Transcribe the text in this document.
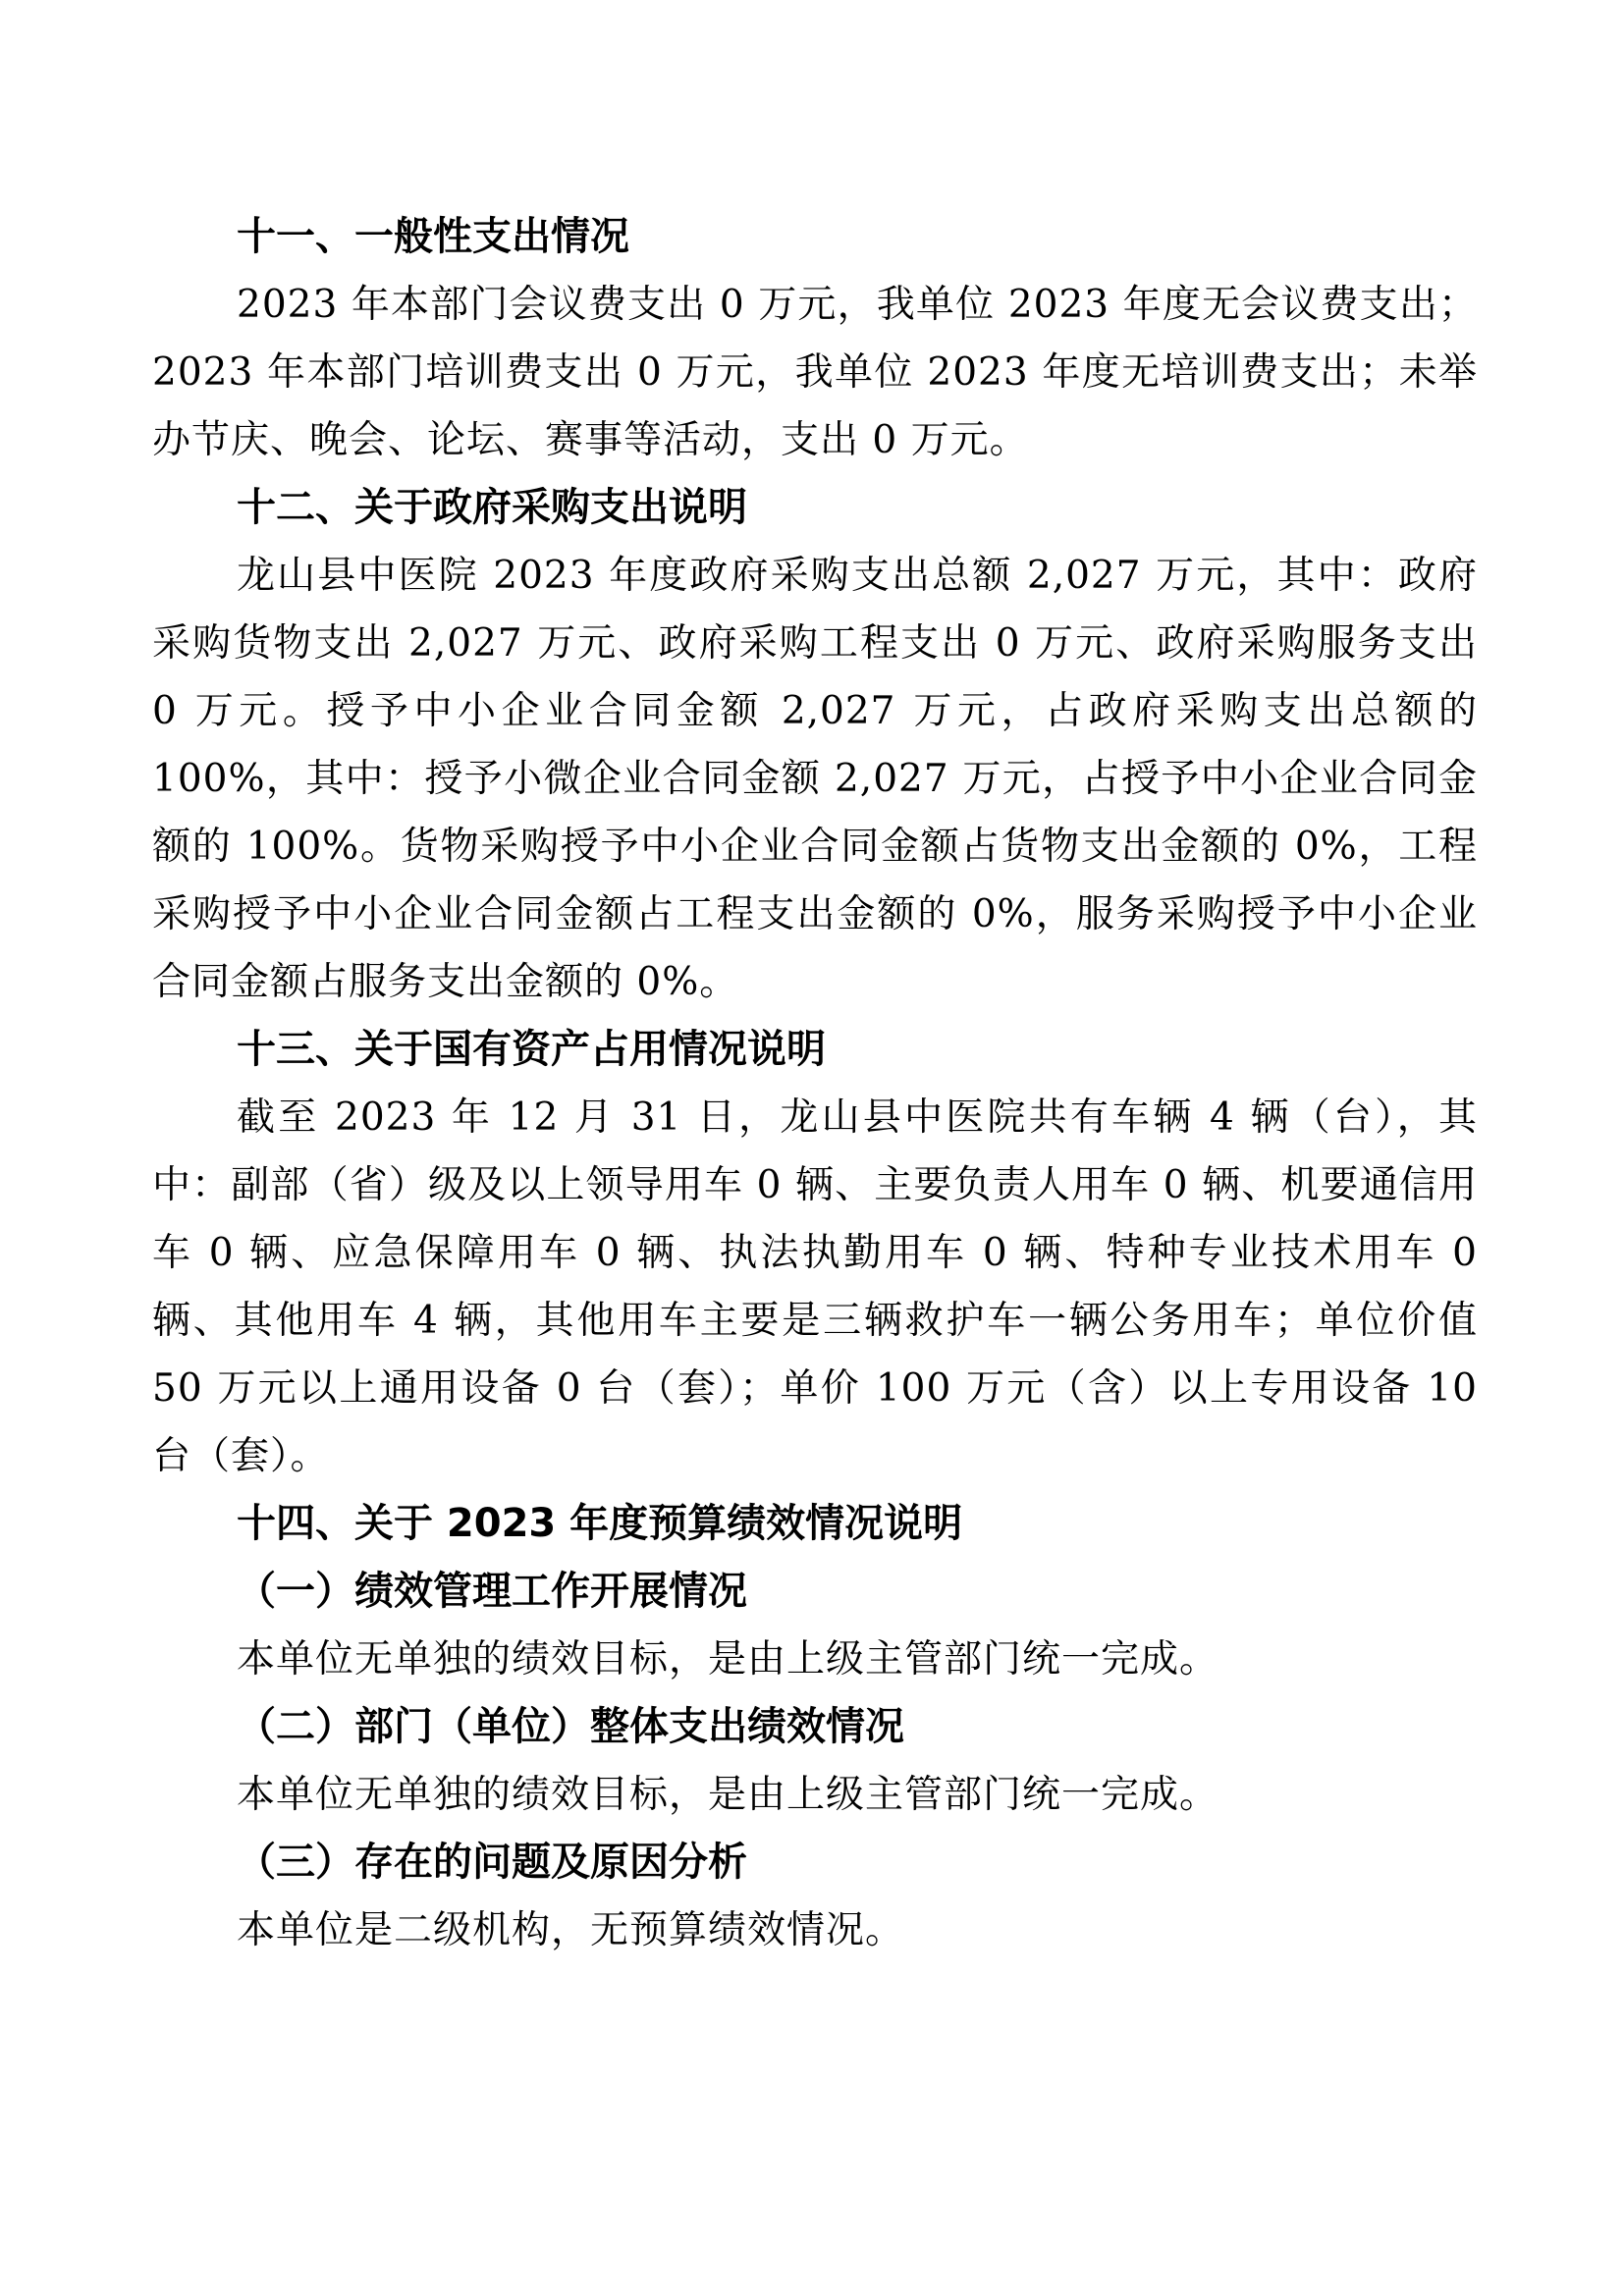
十一、一般性支出情况

2023 年本部门会议费支出 0 万元，我单位 2023 年度无会议费支出；2023 年本部门培训费支出 0 万元，我单位 2023 年度无培训费支出；未举办节庆、晚会、论坛、赛事等活动，支出 0 万元。

十二、关于政府采购支出说明

龙山县中医院 2023 年度政府采购支出总额 2,027 万元，其中：政府采购货物支出 2,027 万元、政府采购工程支出 0 万元、政府采购服务支出 0 万元。授予中小企业合同金额 2,027 万元，占政府采购支出总额的 100%，其中：授予小微企业合同金额 2,027 万元，占授予中小企业合同金额的 100%。货物采购授予中小企业合同金额占货物支出金额的 0%，工程采购授予中小企业合同金额占工程支出金额的 0%，服务采购授予中小企业合同金额占服务支出金额的 0%。

十三、关于国有资产占用情况说明

截至 2023 年 12 月 31 日，龙山县中医院共有车辆 4 辆（台），其中：副部（省）级及以上领导用车 0 辆、主要负责人用车 0 辆、机要通信用车 0 辆、应急保障用车 0 辆、执法执勤用车 0 辆、特种专业技术用车 0 辆、其他用车 4 辆，其他用车主要是三辆救护车一辆公务用车；单位价值 50 万元以上通用设备 0 台（套）；单价 100 万元（含）以上专用设备 10 台（套）。

十四、关于 2023 年度预算绩效情况说明
（一）绩效管理工作开展情况

本单位无单独的绩效目标，是由上级主管部门统一完成。

（二）部门（单位）整体支出绩效情况

本单位无单独的绩效目标，是由上级主管部门统一完成。

（三）存在的问题及原因分析

本单位是二级机构，无预算绩效情况。
